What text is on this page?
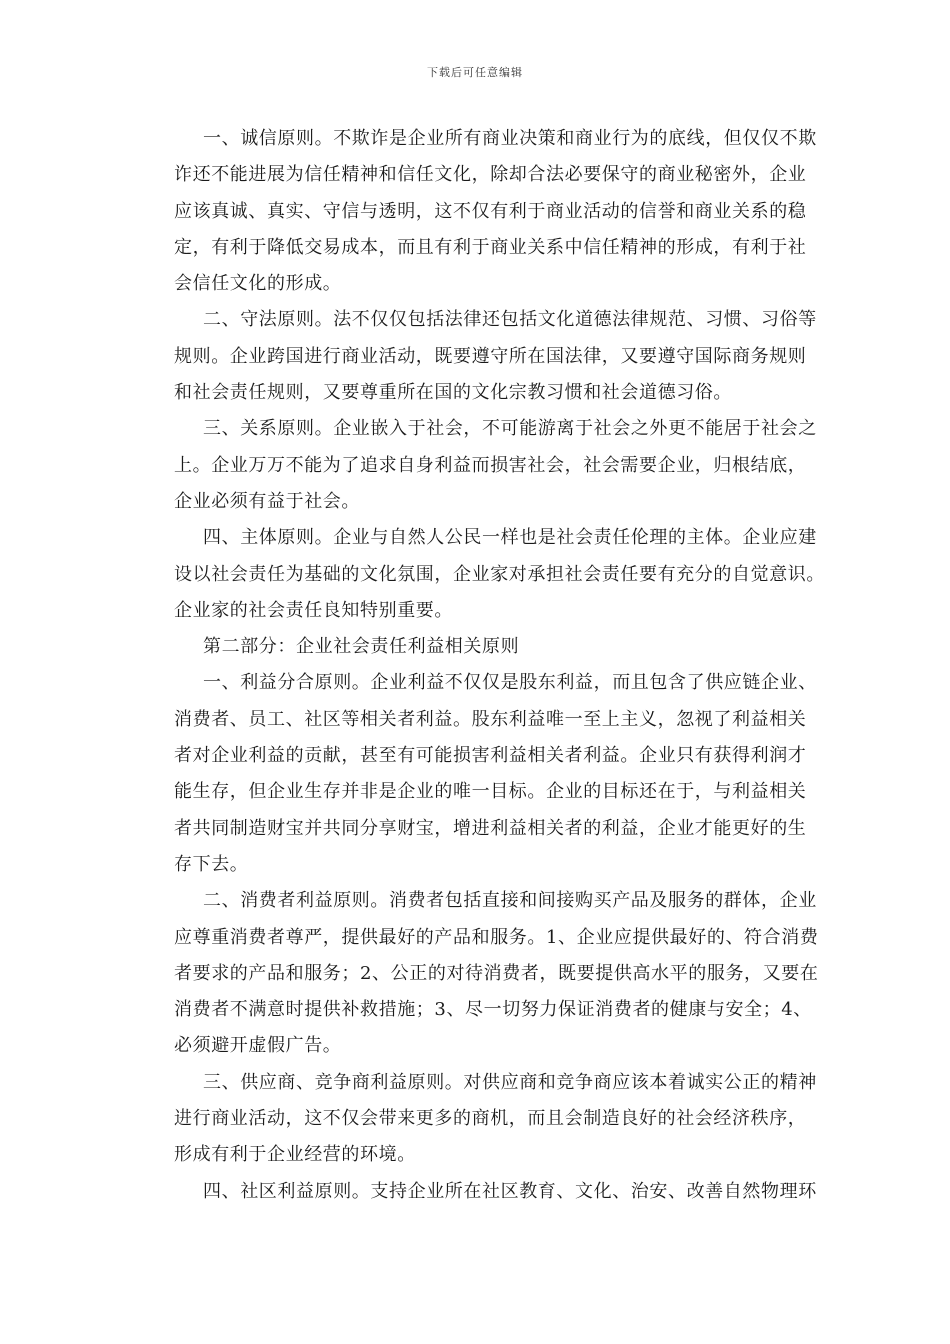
下载后可任意编辑
一、诚信原则。不欺诈是企业所有商业决策和商业行为的底线，但仅仅不欺
诈还不能进展为信任精神和信任文化，除却合法必要保守的商业秘密外，企业
应该真诚、真实、守信与透明，这不仅有利于商业活动的信誉和商业关系的稳
定，有利于降低交易成本，而且有利于商业关系中信任精神的形成，有利于社
会信任文化的形成。
二、守法原则。法不仅仅包括法律还包括文化道德法律规范、习惯、习俗等
规则。企业跨国进行商业活动，既要遵守所在国法律，又要遵守国际商务规则
和社会责任规则，又要尊重所在国的文化宗教习惯和社会道德习俗。
三、关系原则。企业嵌入于社会，不可能游离于社会之外更不能居于社会之
上。企业万万不能为了追求自身利益而损害社会，社会需要企业，归根结底，
企业必须有益于社会。
四、主体原则。企业与自然人公民一样也是社会责任伦理的主体。企业应建
设以社会责任为基础的文化氛围，企业家对承担社会责任要有充分的自觉意识。
企业家的社会责任良知特别重要。
第二部分：企业社会责任利益相关原则
一、利益分合原则。企业利益不仅仅是股东利益，而且包含了供应链企业、
消费者、员工、社区等相关者利益。股东利益唯一至上主义，忽视了利益相关
者对企业利益的贡献，甚至有可能损害利益相关者利益。企业只有获得利润才
能生存，但企业生存并非是企业的唯一目标。企业的目标还在于，与利益相关
者共同制造财宝并共同分享财宝，增进利益相关者的利益，企业才能更好的生
存下去。
二、消费者利益原则。消费者包括直接和间接购买产品及服务的群体，企业
应尊重消费者尊严，提供最好的产品和服务。1、企业应提供最好的、符合消费
者要求的产品和服务；2、公正的对待消费者，既要提供高水平的服务，又要在
消费者不满意时提供补救措施；3、尽一切努力保证消费者的健康与安全；4、
必须避开虚假广告。
三、供应商、竞争商利益原则。对供应商和竞争商应该本着诚实公正的精神
进行商业活动，这不仅会带来更多的商机，而且会制造良好的社会经济秩序，
形成有利于企业经营的环境。
四、社区利益原则。支持企业所在社区教育、文化、治安、改善自然物理环
